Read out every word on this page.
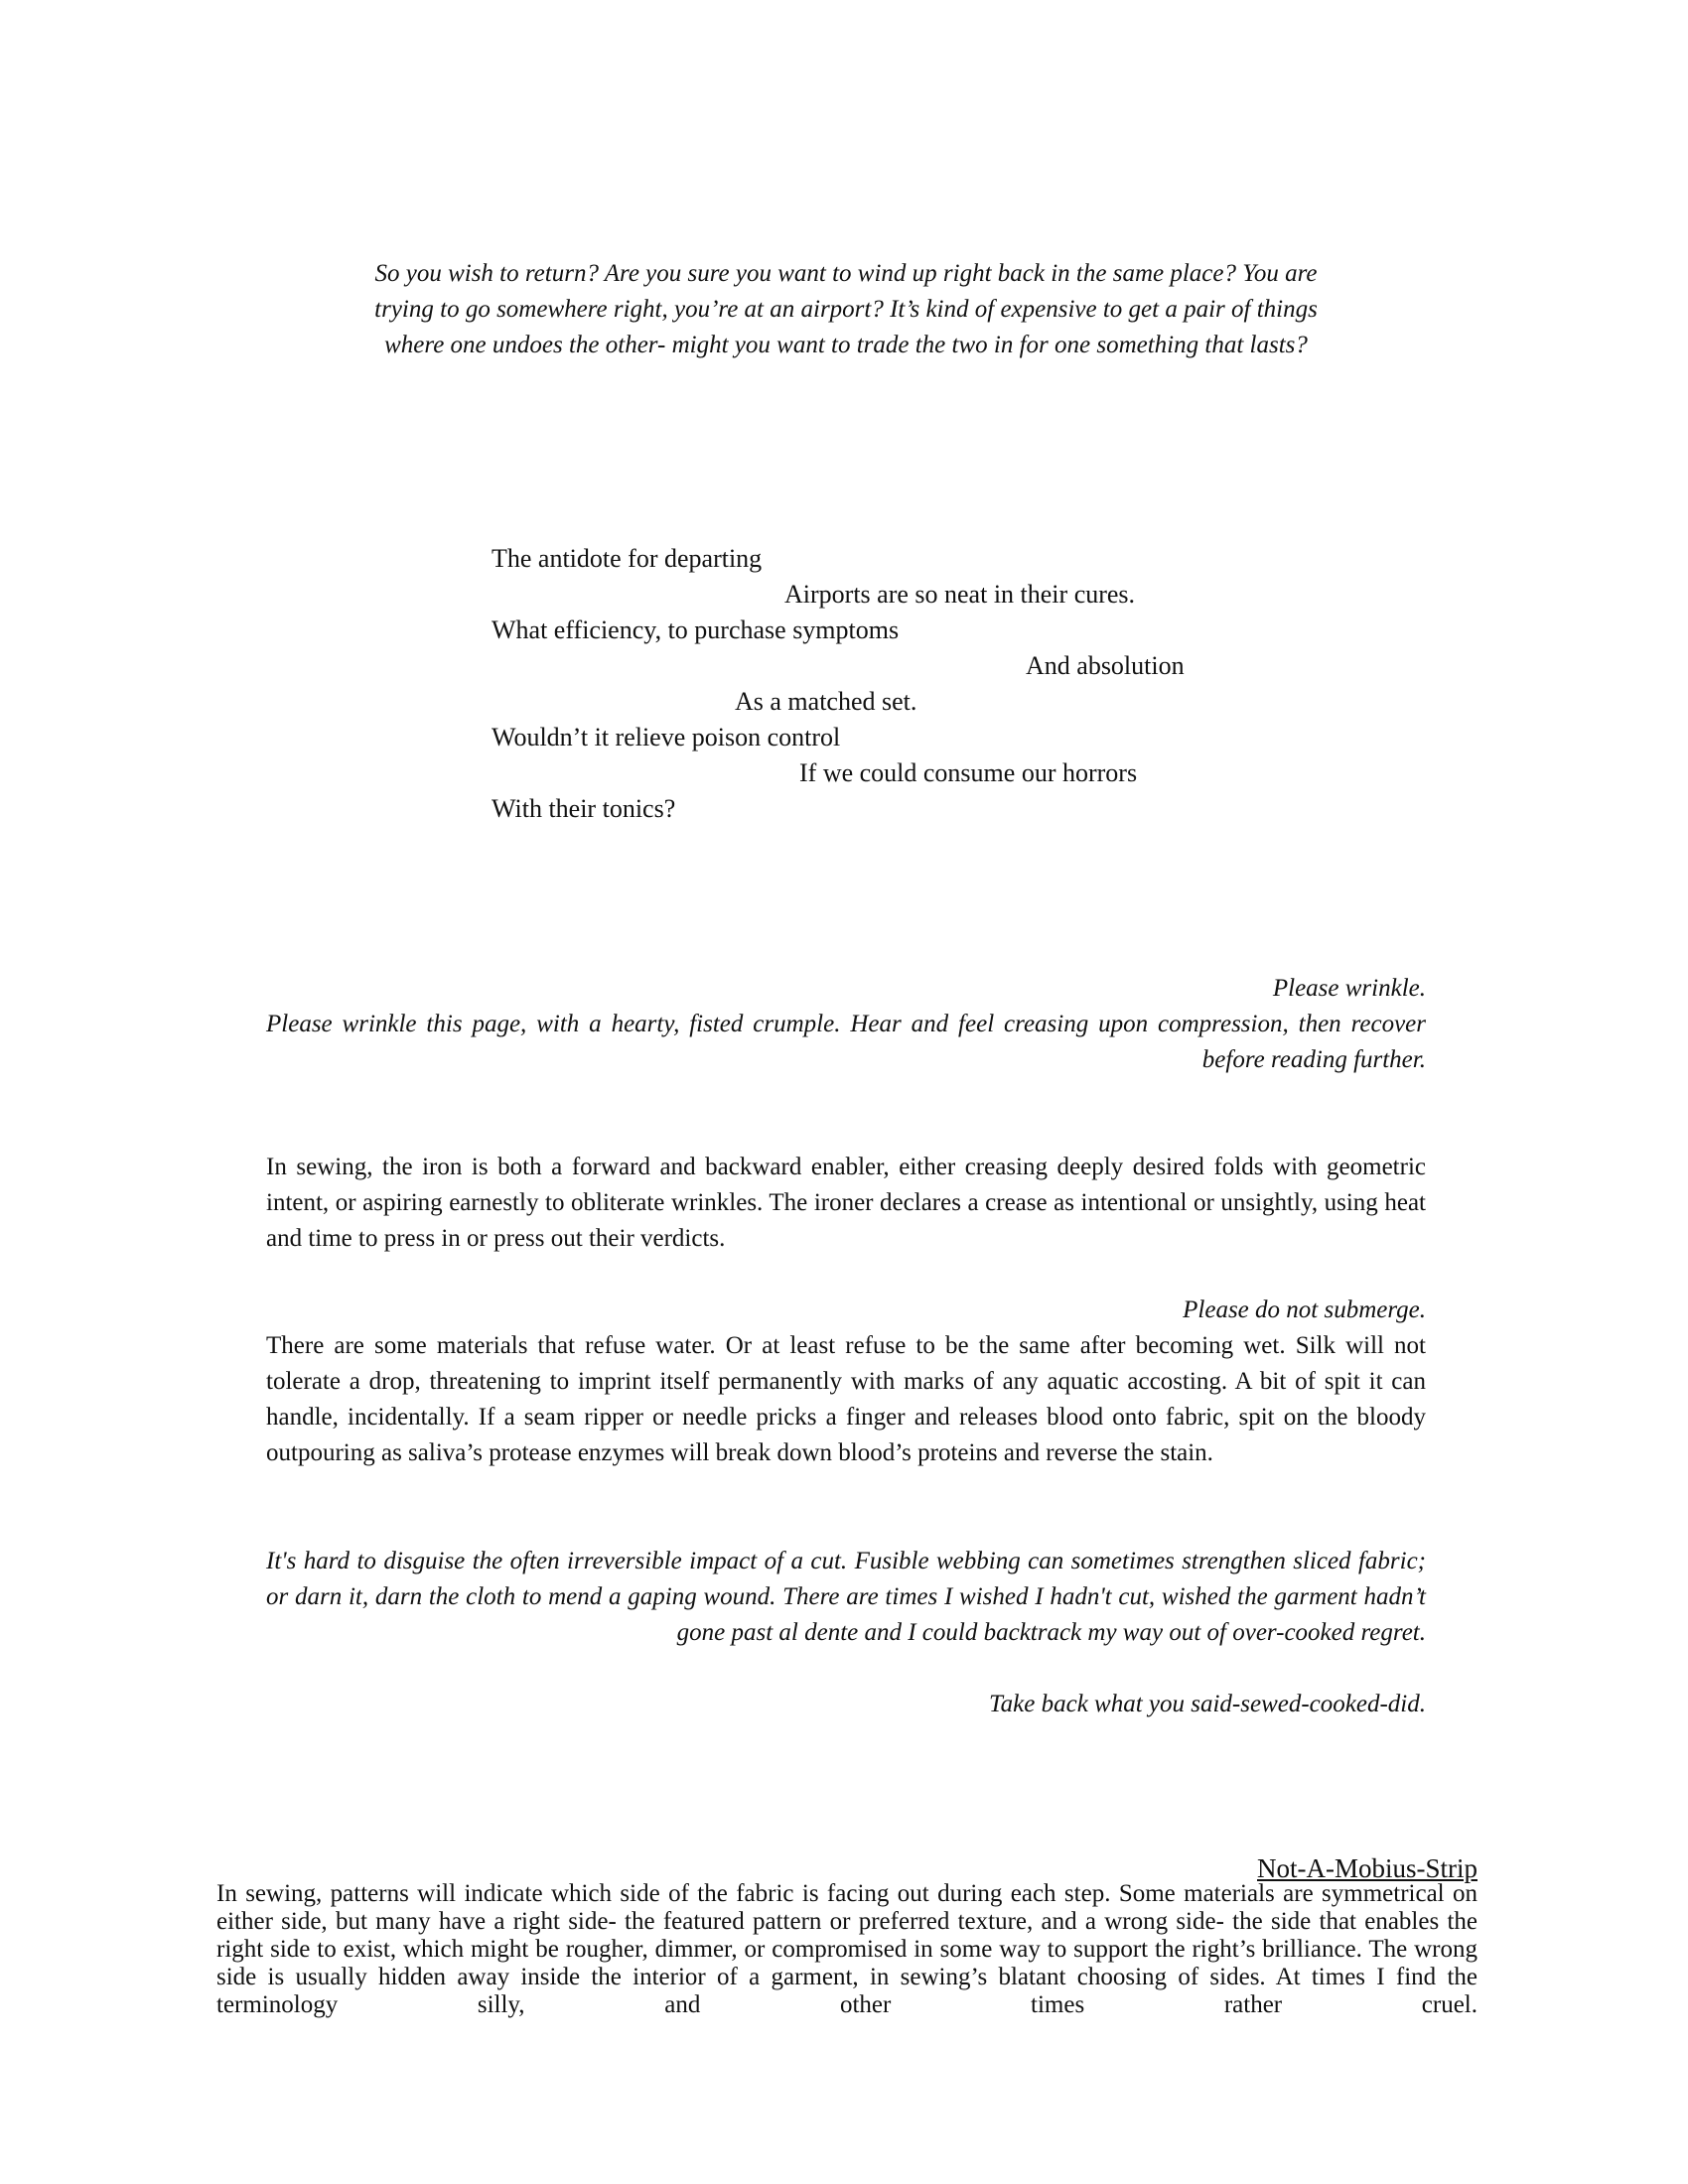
So you wish to return? Are you sure you want to wind up right back in the same place? You are
trying to go somewhere right, you’re at an airport? It’s kind of expensive to get a pair of things
where one undoes the other- might you want to trade the two in for one something that lasts?
The antidote for departing
Airports are so neat in their cures.
What efficiency, to purchase symptoms
And absolution
As a matched set.
Wouldn’t it relieve poison control
If we could consume our horrors
With their tonics?
Please wrinkle.
Please wrinkle this page, with a hearty, fisted crumple. Hear and feel creasing upon compression, then recover before reading further.
In sewing, the iron is both a forward and backward enabler, either creasing deeply desired folds with geometric intent, or aspiring earnestly to obliterate wrinkles. The ironer declares a crease as intentional or unsightly, using heat and time to press in or press out their verdicts.
Please do not submerge.
There are some materials that refuse water. Or at least refuse to be the same after becoming wet. Silk will not tolerate a drop, threatening to imprint itself permanently with marks of any aquatic accosting. A bit of spit it can handle, incidentally. If a seam ripper or needle pricks a finger and releases blood onto fabric, spit on the bloody outpouring as saliva’s protease enzymes will break down blood’s proteins and reverse the stain.
It's hard to disguise the often irreversible impact of a cut. Fusible webbing can sometimes strengthen sliced fabric; or darn it, darn the cloth to mend a gaping wound. There are times I wished I hadn't cut, wished the garment hadn’t gone past al dente and I could backtrack my way out of over-cooked regret.
Take back what you said-sewed-cooked-did.
Not-A-Mobius-Strip
In sewing, patterns will indicate which side of the fabric is facing out during each step. Some materials are symmetrical on either side, but many have a right side- the featured pattern or preferred texture, and a wrong side- the side that enables the right side to exist, which might be rougher, dimmer, or compromised in some way to support the right’s brilliance. The wrong side is usually hidden away inside the interior of a garment, in sewing’s blatant choosing of sides. At times I find the terminology silly, and other times rather cruel.
